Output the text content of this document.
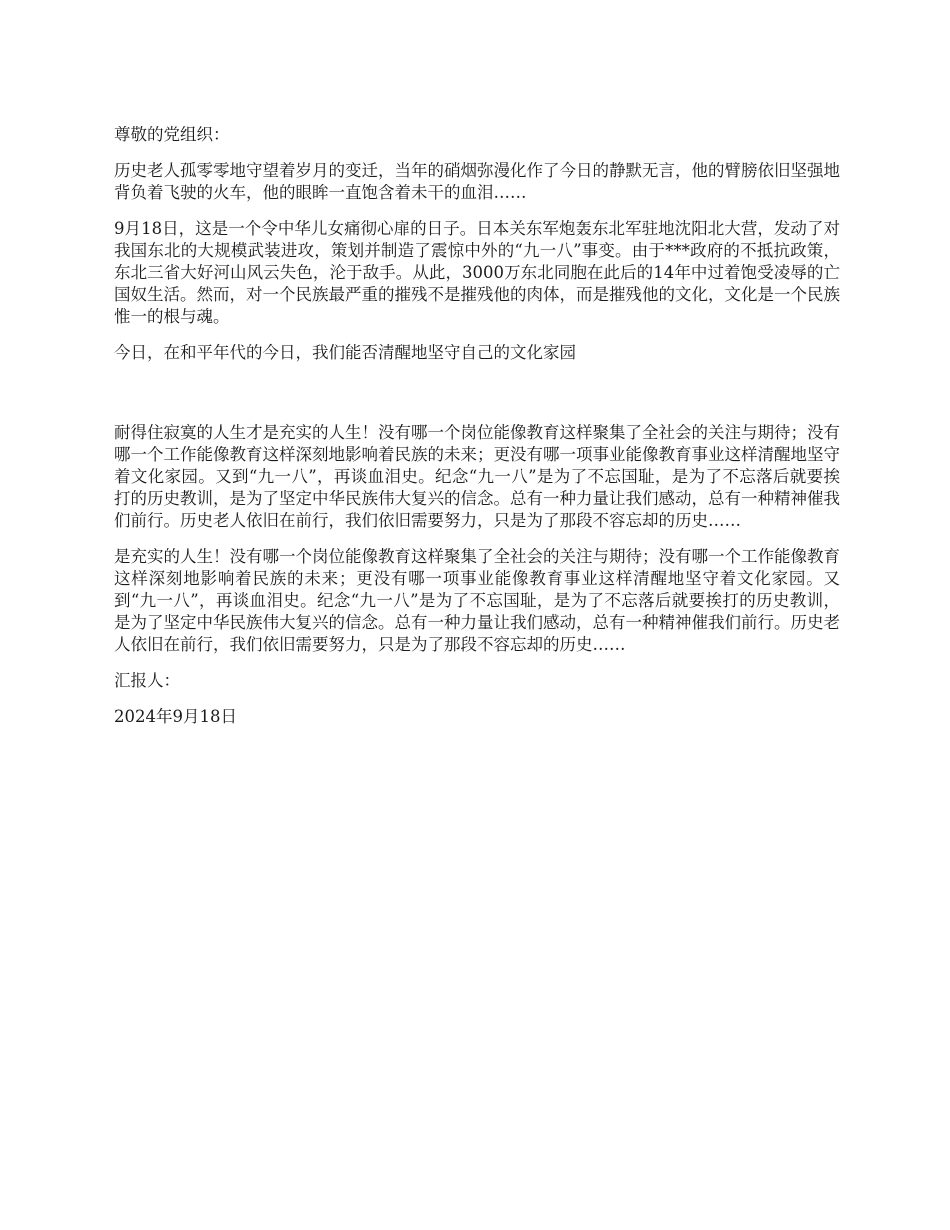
尊敬的党组织：

历史老人孤零零地守望着岁月的变迁，当年的硝烟弥漫化作了今日的静默无言，他的臂膀依旧坚强地背负着飞驶的火车，他的眼眸一直饱含着未干的血泪……

9月18日，这是一个令中华儿女痛彻心扉的日子。日本关东军炮轰东北军驻地沈阳北大营，发动了对我国东北的大规模武装进攻，策划并制造了震惊中外的“九一八”事变。由于***政府的不抵抗政策，东北三省大好河山风云失色，沦于敌手。从此，3000万东北同胞在此后的14年中过着饱受凌辱的亡国奴生活。然而，对一个民族最严重的摧残不是摧残他的肉体，而是摧残他的文化，文化是一个民族惟一的根与魂。

今日，在和平年代的今日，我们能否清醒地坚守自己的文化家园

耐得住寂寞的人生才是充实的人生！没有哪一个岗位能像教育这样聚集了全社会的关注与期待；没有哪一个工作能像教育这样深刻地影响着民族的未来；更没有哪一项事业能像教育事业这样清醒地坚守着文化家园。又到“九一八”，再谈血泪史。纪念“九一八”是为了不忘国耻，是为了不忘落后就要挨打的历史教训，是为了坚定中华民族伟大复兴的信念。总有一种力量让我们感动，总有一种精神催我们前行。历史老人依旧在前行，我们依旧需要努力，只是为了那段不容忘却的历史……

是充实的人生！没有哪一个岗位能像教育这样聚集了全社会的关注与期待；没有哪一个工作能像教育这样深刻地影响着民族的未来；更没有哪一项事业能像教育事业这样清醒地坚守着文化家园。又到“九一八”，再谈血泪史。纪念“九一八”是为了不忘国耻，是为了不忘落后就要挨打的历史教训，是为了坚定中华民族伟大复兴的信念。总有一种力量让我们感动，总有一种精神催我们前行。历史老人依旧在前行，我们依旧需要努力，只是为了那段不容忘却的历史……

汇报人：

2024年9月18日
